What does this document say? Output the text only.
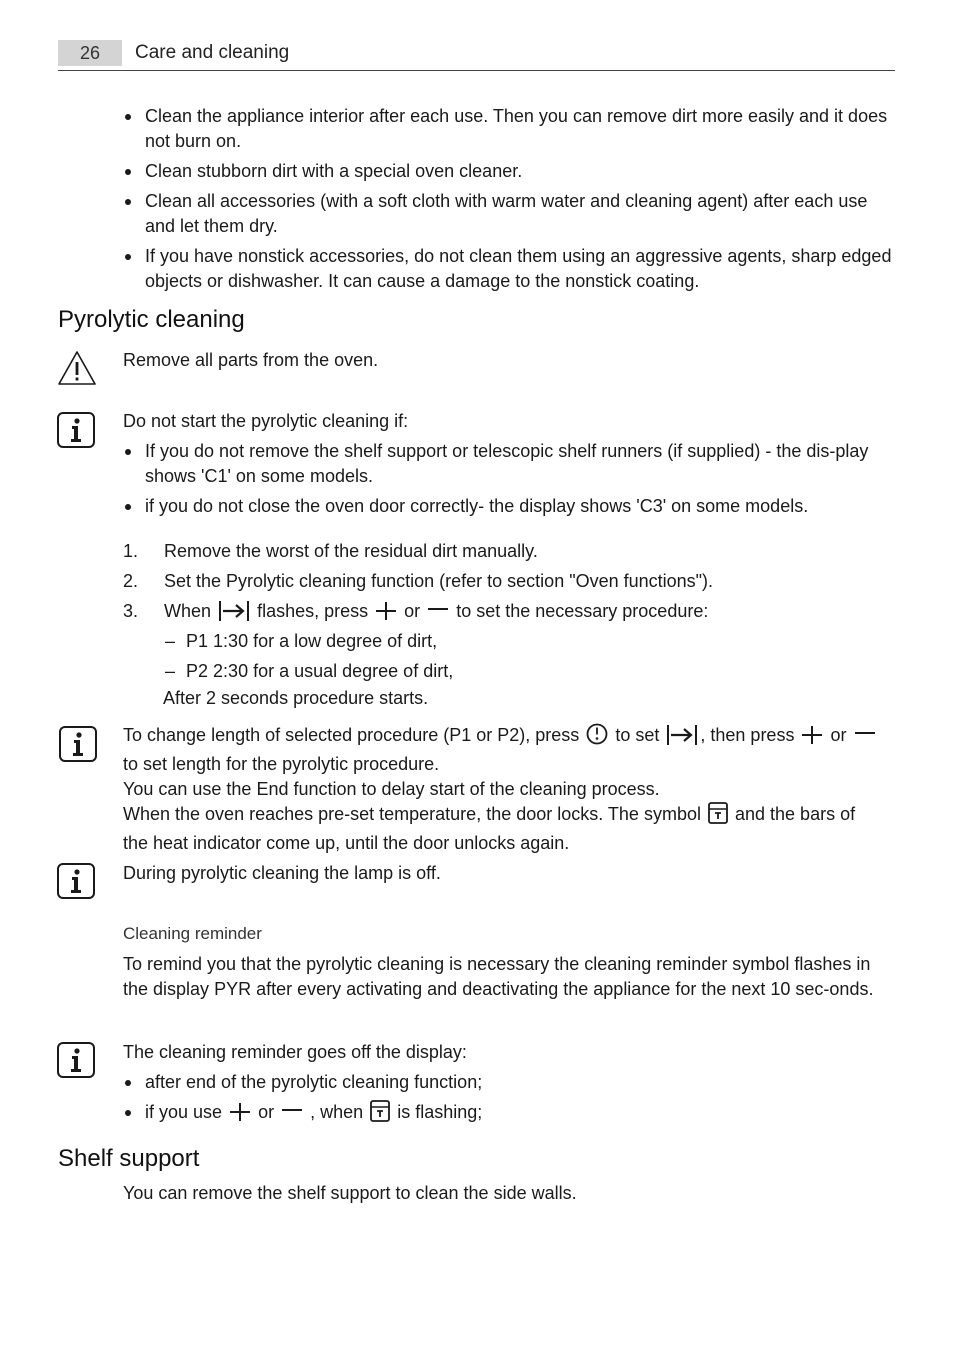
26	Care and cleaning
Clean the appliance interior after each use. Then you can remove dirt more easily and it does not burn on.
Clean stubborn dirt with a special oven cleaner.
Clean all accessories (with a soft cloth with warm water and cleaning agent) after each use and let them dry.
If you have nonstick accessories, do not clean them using an aggressive agents, sharp edged objects or dishwasher. It can cause a damage to the nonstick coating.
Pyrolytic cleaning
Remove all parts from the oven.
Do not start the pyrolytic cleaning if:
If you do not remove the shelf support or telescopic shelf runners (if supplied) - the dis-play shows 'C1' on some models.
if you do not close the oven door correctly- the display shows 'C3' on some models.
1. Remove the worst of the residual dirt manually.
2. Set the Pyrolytic cleaning function (refer to section "Oven functions").
3. When	flashes, press or to set the necessary procedure:
– P1 1:30 for a low degree of dirt,
– P2 2:30 for a usual degree of dirt,
After 2 seconds procedure starts.
To change length of selected procedure (P1 or P2), press to set , then press or
to set length for the pyrolytic procedure.
You can use the End function to delay start of the cleaning process.
When the oven reaches pre-set temperature, the door locks. The symbol and the bars of
the heat indicator come up, until the door unlocks again.
During pyrolytic cleaning the lamp is off.
Cleaning reminder
To remind you that the pyrolytic cleaning is necessary the cleaning reminder symbol flashes in the display PYR after every activating and deactivating the appliance for the next 10 sec-onds.
The cleaning reminder goes off the display:
after end of the pyrolytic cleaning function;
if you use or , when is flashing;
Shelf support
You can remove the shelf support to clean the side walls.
